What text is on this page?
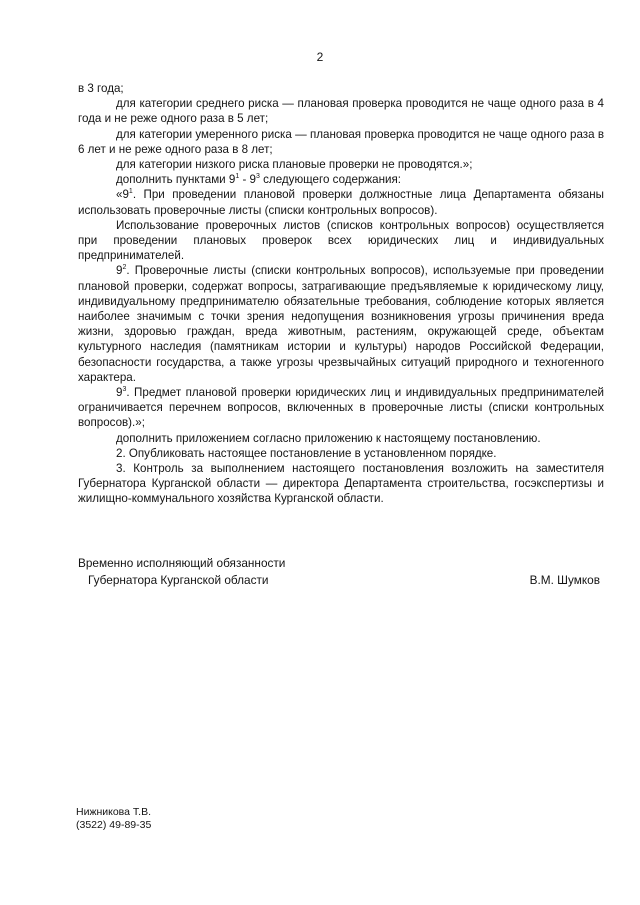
2

в 3 года;

для категории среднего риска — плановая проверка проводится не чаще одного раза в 4 года и не реже одного раза в 5 лет;

для категории умеренного риска — плановая проверка проводится не чаще одного раза в 6 лет и не реже одного раза в 8 лет;

для категории низкого риска плановые проверки не проводятся.»;

дополнить пунктами $9^1 - 9^3$ следующего содержания:

«$9^1$. При проведении плановой проверки должностные лица Департамента обязаны использовать проверочные листы (списки контрольных вопросов).

Использование проверочных листов (списков контрольных вопросов) осуществляется при проведении плановых проверок всех юридических лиц и индивидуальных предпринимателей.

$9^2$. Проверочные листы (списки контрольных вопросов), используемые при проведении плановой проверки, содержат вопросы, затрагивающие предъявляемые к юридическому лицу, индивидуальному предпринимателю обязательные требования, соблюдение которых является наиболее значимым с точки зрения недопущения возникновения угрозы причинения вреда жизни, здоровью граждан, вреда животным, растениям, окружающей среде, объектам культурного наследия (памятникам истории и культуры) народов Российской Федерации, безопасности государства, а также угрозы чрезвычайных ситуаций природного и техногенного характера.

$9^3$. Предмет плановой проверки юридических лиц и индивидуальных предпринимателей ограничивается перечнем вопросов, включенных в проверочные листы (списки контрольных вопросов).»;

дополнить приложением согласно приложению к настоящему постановлению.

2. Опубликовать настоящее постановление в установленном порядке.

3. Контроль за выполнением настоящего постановления возложить на заместителя Губернатора Курганской области — директора Департамента строительства, госэкспертизы и жилищно-коммунального хозяйства Курганской области.

Временно исполняющий обязанности
Губернатора Курганской области	В.М. Шумков
Нижникова Т.В.
(3522) 49-89-35
